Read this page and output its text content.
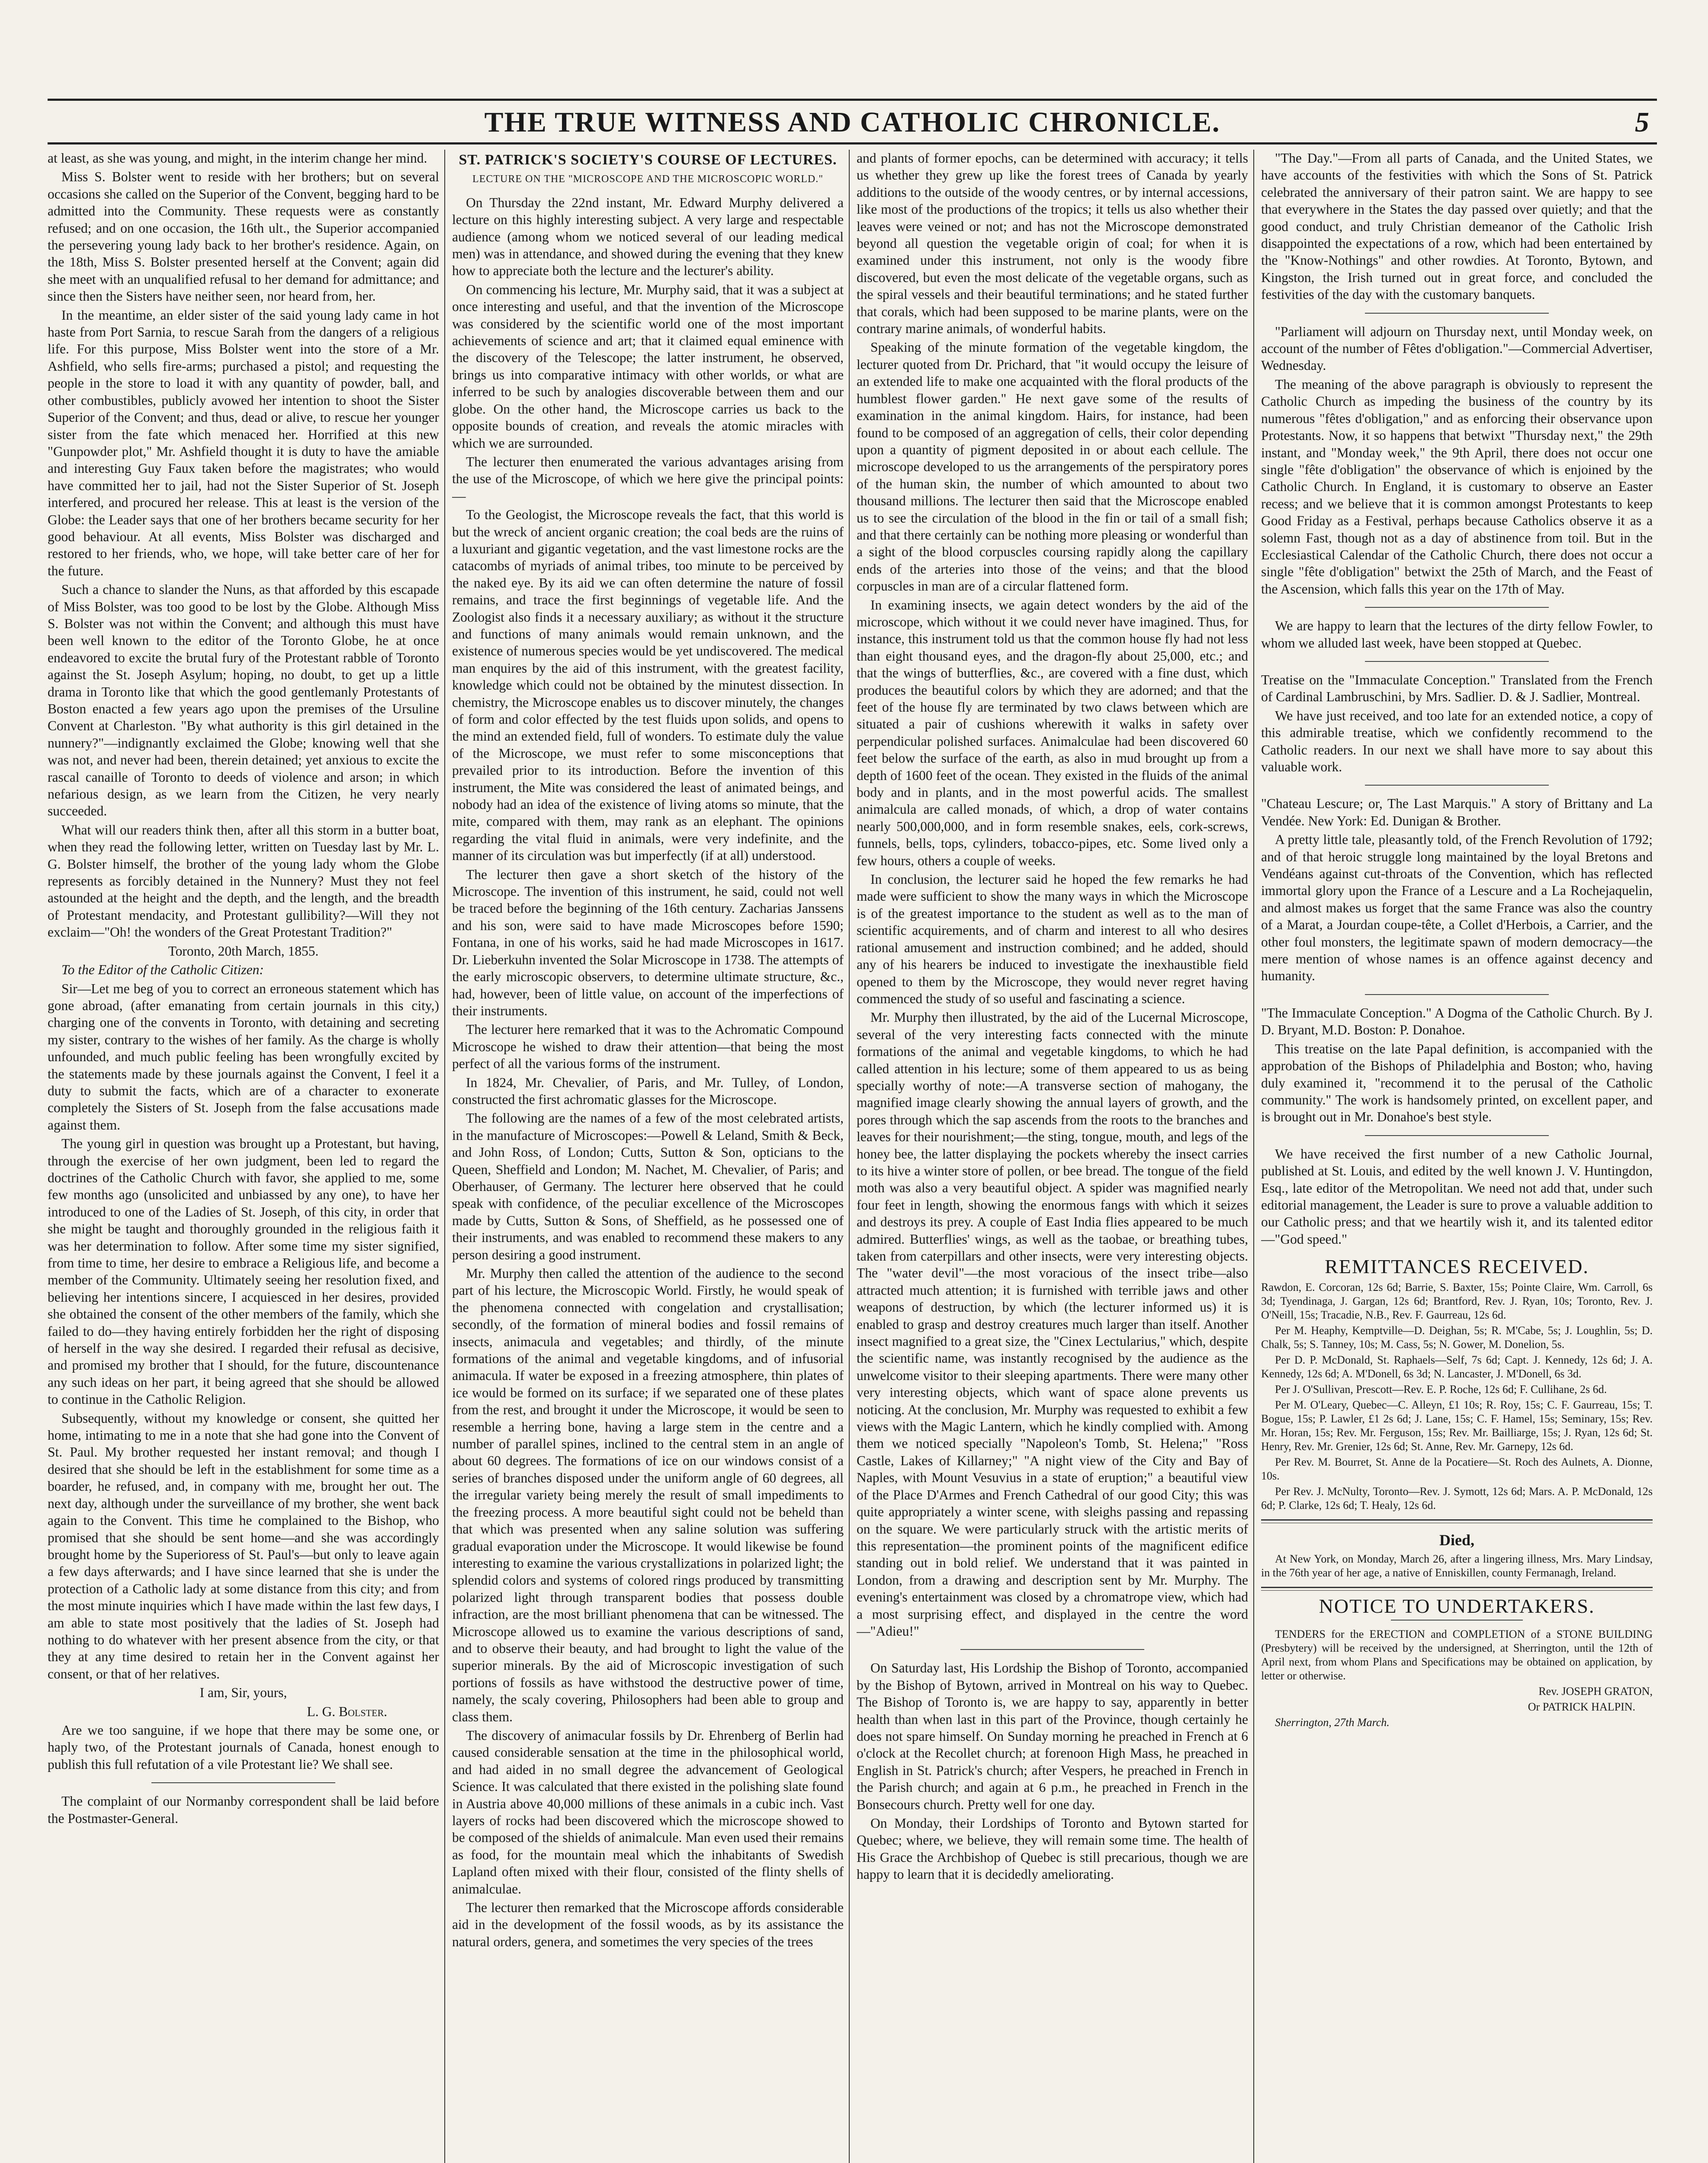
THE TRUE WITNESS AND CATHOLIC CHRONICLE.	5

at least, as she was young, and might, in the interim change her mind.

Miss S. Bolster went to reside with her brothers; but on several occasions she called on the Superior of the Convent, begging hard to be admitted into the Community. These requests were as constantly refused; and on one occasion, the 16th ult., the Superior accompanied the persevering young lady back to her brother's residence. Again, on the 18th, Miss S. Bolster presented herself at the Convent; again did she meet with an unqualified refusal to her demand for admittance; and since then the Sisters have neither seen, nor heard from, her.

In the meantime, an elder sister of the said young lady came in hot haste from Port Sarnia, to rescue Sarah from the dangers of a religious life. For this purpose, Miss Bolster went into the store of a Mr. Ashfield, who sells fire-arms; purchased a pistol; and requesting the people in the store to load it with any quantity of powder, ball, and other combustibles, publicly avowed her intention to shoot the Sister Superior of the Convent; and thus, dead or alive, to rescue her younger sister from the fate which menaced her. Horrified at this new "Gunpowder plot," Mr. Ashfield thought it is duty to have the amiable and interesting Guy Faux taken before the magistrates; who would have committed her to jail, had not the Sister Superior of St. Joseph interfered, and procured her release. This at least is the version of the Globe: the Leader says that one of her brothers became security for her good behaviour. At all events, Miss Bolster was discharged and restored to her friends, who, we hope, will take better care of her for the future.

Such a chance to slander the Nuns, as that afforded by this escapade of Miss Bolster, was too good to be lost by the Globe. Although Miss S. Bolster was not within the Convent; and although this must have been well known to the editor of the Toronto Globe, he at once endeavored to excite the brutal fury of the Protestant rabble of Toronto against the St. Joseph Asylum; hoping, no doubt, to get up a little drama in Toronto like that which the good gentlemanly Protestants of Boston enacted a few years ago upon the premises of the Ursuline Convent at Charleston. "By what authority is this girl detained in the nunnery?"—indignantly exclaimed the Globe; knowing well that she was not, and never had been, therein detained; yet anxious to excite the rascal canaille of Toronto to deeds of violence and arson; in which nefarious design, as we learn from the Citizen, he very nearly succeeded.

What will our readers think then, after all this storm in a butter boat, when they read the following letter, written on Tuesday last by Mr. L. G. Bolster himself, the brother of the young lady whom the Globe represents as forcibly detained in the Nunnery? Must they not feel astounded at the height and the depth, and the length, and the breadth of Protestant mendacity, and Protestant gullibility?—Will they not exclaim—"Oh! the wonders of the Great Protestant Tradition?"

Toronto, 20th March, 1855.

To the Editor of the Catholic Citizen:

Sir—Let me beg of you to correct an erroneous statement which has gone abroad, (after emanating from certain journals in this city,) charging one of the convents in Toronto, with detaining and secreting my sister, contrary to the wishes of her family. As the charge is wholly unfounded, and much public feeling has been wrongfully excited by the statements made by these journals against the Convent, I feel it a duty to submit the facts, which are of a character to exonerate completely the Sisters of St. Joseph from the false accusations made against them.

The young girl in question was brought up a Protestant, but having, through the exercise of her own judgment, been led to regard the doctrines of the Catholic Church with favor, she applied to me, some few months ago (unsolicited and unbiassed by any one), to have her introduced to one of the Ladies of St. Joseph, of this city, in order that she might be taught and thoroughly grounded in the religious faith it was her determination to follow. After some time my sister signified, from time to time, her desire to embrace a Religious life, and become a member of the Community. Ultimately seeing her resolution fixed, and believing her intentions sincere, I acquiesced in her desires, provided she obtained the consent of the other members of the family, which she failed to do—they having entirely forbidden her the right of disposing of herself in the way she desired. I regarded their refusal as decisive, and promised my brother that I should, for the future, discountenance any such ideas on her part, it being agreed that she should be allowed to continue in the Catholic Religion.

Subsequently, without my knowledge or consent, she quitted her home, intimating to me in a note that she had gone into the Convent of St. Paul. My brother requested her instant removal; and though I desired that she should be left in the establishment for some time as a boarder, he refused, and, in company with me, brought her out. The next day, although under the surveillance of my brother, she went back again to the Convent. This time he complained to the Bishop, who promised that she should be sent home—and she was accordingly brought home by the Superioress of St. Paul's—but only to leave again a few days afterwards; and I have since learned that she is under the protection of a Catholic lady at some distance from this city; and from the most minute inquiries which I have made within the last few days, I am able to state most positively that the ladies of St. Joseph had nothing to do whatever with her present absence from the city, or that they at any time desired to retain her in the Convent against her consent, or that of her relatives.

I am, Sir, yours,

L. G. Bolster.

Are we too sanguine, if we hope that there may be some one, or haply two, of the Protestant journals of Canada, honest enough to publish this full refutation of a vile Protestant lie? We shall see.

The complaint of our Normanby correspondent shall be laid before the Postmaster-General.

ST. PATRICK'S SOCIETY'S COURSE OF LECTURES.
LECTURE ON THE "MICROSCOPE AND THE MICROSCOPIC WORLD."

On Thursday the 22nd instant, Mr. Edward Murphy delivered a lecture on this highly interesting subject. A very large and respectable audience (among whom we noticed several of our leading medical men) was in attendance, and showed during the evening that they knew how to appreciate both the lecture and the lecturer's ability.

On commencing his lecture, Mr. Murphy said, that it was a subject at once interesting and useful, and that the invention of the Microscope was considered by the scientific world one of the most important achievements of science and art; that it claimed equal eminence with the discovery of the Telescope; the latter instrument, he observed, brings us into comparative intimacy with other worlds, or what are inferred to be such by analogies discoverable between them and our globe. On the other hand, the Microscope carries us back to the opposite bounds of creation, and reveals the atomic miracles with which we are surrounded.

The lecturer then enumerated the various advantages arising from the use of the Microscope, of which we here give the principal points:—

To the Geologist, the Microscope reveals the fact, that this world is but the wreck of ancient organic creation; the coal beds are the ruins of a luxuriant and gigantic vegetation, and the vast limestone rocks are the catacombs of myriads of animal tribes, too minute to be perceived by the naked eye. By its aid we can often determine the nature of fossil remains, and trace the first beginnings of vegetable life. And the Zoologist also finds it a necessary auxiliary; as without it the structure and functions of many animals would remain unknown, and the existence of numerous species would be yet undiscovered. The medical man enquires by the aid of this instrument, with the greatest facility, knowledge which could not be obtained by the minutest dissection. In chemistry, the Microscope enables us to discover minutely, the changes of form and color effected by the test fluids upon solids, and opens to the mind an extended field, full of wonders. To estimate duly the value of the Microscope, we must refer to some misconceptions that prevailed prior to its introduction. Before the invention of this instrument, the Mite was considered the least of animated beings, and nobody had an idea of the existence of living atoms so minute, that the mite, compared with them, may rank as an elephant. The opinions regarding the vital fluid in animals, were very indefinite, and the manner of its circulation was but imperfectly (if at all) understood.

The lecturer then gave a short sketch of the history of the Microscope. The invention of this instrument, he said, could not well be traced before the beginning of the 16th century. Zacharias Janssens and his son, were said to have made Microscopes before 1590; Fontana, in one of his works, said he had made Microscopes in 1617. Dr. Lieberkuhn invented the Solar Microscope in 1738. The attempts of the early microscopic observers, to determine ultimate structure, &c., had, however, been of little value, on account of the imperfections of their instruments.

The lecturer here remarked that it was to the Achromatic Compound Microscope he wished to draw their attention—that being the most perfect of all the various forms of the instrument.

In 1824, Mr. Chevalier, of Paris, and Mr. Tulley, of London, constructed the first achromatic glasses for the Microscope.

The following are the names of a few of the most celebrated artists, in the manufacture of Microscopes:—Powell & Leland, Smith & Beck, and John Ross, of London; Cutts, Sutton & Son, opticians to the Queen, Sheffield and London; M. Nachet, M. Chevalier, of Paris; and Oberhauser, of Germany. The lecturer here observed that he could speak with confidence, of the peculiar excellence of the Microscopes made by Cutts, Sutton & Sons, of Sheffield, as he possessed one of their instruments, and was enabled to recommend these makers to any person desiring a good instrument.

Mr. Murphy then called the attention of the audience to the second part of his lecture, the Microscopic World. Firstly, he would speak of the phenomena connected with congelation and crystallisation; secondly, of the formation of mineral bodies and fossil remains of insects, animacula and vegetables; and thirdly, of the minute formations of the animal and vegetable kingdoms, and of infusorial animacula. If water be exposed in a freezing atmosphere, thin plates of ice would be formed on its surface; if we separated one of these plates from the rest, and brought it under the Microscope, it would be seen to resemble a herring bone, having a large stem in the centre and a number of parallel spines, inclined to the central stem in an angle of about 60 degrees. The formations of ice on our windows consist of a series of branches disposed under the uniform angle of 60 degrees, all the irregular variety being merely the result of small impediments to the freezing process. A more beautiful sight could not be beheld than that which was presented when any saline solution was suffering gradual evaporation under the Microscope. It would likewise be found interesting to examine the various crystallizations in polarized light; the splendid colors and systems of colored rings produced by transmitting polarized light through transparent bodies that possess double infraction, are the most brilliant phenomena that can be witnessed. The Microscope allowed us to examine the various descriptions of sand, and to observe their beauty, and had brought to light the value of the superior minerals. By the aid of Microscopic investigation of such portions of fossils as have withstood the destructive power of time, namely, the scaly covering, Philosophers had been able to group and class them.

The discovery of animacular fossils by Dr. Ehrenberg of Berlin had caused considerable sensation at the time in the philosophical world, and had aided in no small degree the advancement of Geological Science. It was calculated that there existed in the polishing slate found in Austria above 40,000 millions of these animals in a cubic inch. Vast layers of rocks had been discovered which the microscope showed to be composed of the shields of animalcule. Man even used their remains as food, for the mountain meal which the inhabitants of Swedish Lapland often mixed with their flour, consisted of the flinty shells of animalculae.

The lecturer then remarked that the Microscope affords considerable aid in the development of the fossil woods, as by its assistance the natural orders, genera, and sometimes the very species of the trees

and plants of former epochs, can be determined with accuracy; it tells us whether they grew up like the forest trees of Canada by yearly additions to the outside of the woody centres, or by internal accessions, like most of the productions of the tropics; it tells us also whether their leaves were veined or not; and has not the Microscope demonstrated beyond all question the vegetable origin of coal; for when it is examined under this instrument, not only is the woody fibre discovered, but even the most delicate of the vegetable organs, such as the spiral vessels and their beautiful terminations; and he stated further that corals, which had been supposed to be marine plants, were on the contrary marine animals, of wonderful habits.

Speaking of the minute formation of the vegetable kingdom, the lecturer quoted from Dr. Prichard, that "it would occupy the leisure of an extended life to make one acquainted with the floral products of the humblest flower garden." He next gave some of the results of examination in the animal kingdom. Hairs, for instance, had been found to be composed of an aggregation of cells, their color depending upon a quantity of pigment deposited in or about each cellule. The microscope developed to us the arrangements of the perspiratory pores of the human skin, the number of which amounted to about two thousand millions. The lecturer then said that the Microscope enabled us to see the circulation of the blood in the fin or tail of a small fish; and that there certainly can be nothing more pleasing or wonderful than a sight of the blood corpuscles coursing rapidly along the capillary ends of the arteries into those of the veins; and that the blood corpuscles in man are of a circular flattened form.

In examining insects, we again detect wonders by the aid of the microscope, which without it we could never have imagined. Thus, for instance, this instrument told us that the common house fly had not less than eight thousand eyes, and the dragon-fly about 25,000, etc.; and that the wings of butterflies, &c., are covered with a fine dust, which produces the beautiful colors by which they are adorned; and that the feet of the house fly are terminated by two claws between which are situated a pair of cushions wherewith it walks in safety over perpendicular polished surfaces. Animalculae had been discovered 60 feet below the surface of the earth, as also in mud brought up from a depth of 1600 feet of the ocean. They existed in the fluids of the animal body and in plants, and in the most powerful acids. The smallest animalcula are called monads, of which, a drop of water contains nearly 500,000,000, and in form resemble snakes, eels, cork-screws, funnels, bells, tops, cylinders, tobacco-pipes, etc. Some lived only a few hours, others a couple of weeks.

In conclusion, the lecturer said he hoped the few remarks he had made were sufficient to show the many ways in which the Microscope is of the greatest importance to the student as well as to the man of scientific acquirements, and of charm and interest to all who desires rational amusement and instruction combined; and he added, should any of his hearers be induced to investigate the inexhaustible field opened to them by the Microscope, they would never regret having commenced the study of so useful and fascinating a science.

Mr. Murphy then illustrated, by the aid of the Lucernal Microscope, several of the very interesting facts connected with the minute formations of the animal and vegetable kingdoms, to which he had called attention in his lecture; some of them appeared to us as being specially worthy of note:—A transverse section of mahogany, the magnified image clearly showing the annual layers of growth, and the pores through which the sap ascends from the roots to the branches and leaves for their nourishment;—the sting, tongue, mouth, and legs of the honey bee, the latter displaying the pockets whereby the insect carries to its hive a winter store of pollen, or bee bread. The tongue of the field moth was also a very beautiful object. A spider was magnified nearly four feet in length, showing the enormous fangs with which it seizes and destroys its prey. A couple of East India flies appeared to be much admired. Butterflies' wings, as well as the taobae, or breathing tubes, taken from caterpillars and other insects, were very interesting objects. The "water devil"—the most voracious of the insect tribe—also attracted much attention; it is furnished with terrible jaws and other weapons of destruction, by which (the lecturer informed us) it is enabled to grasp and destroy creatures much larger than itself. Another insect magnified to a great size, the "Cinex Lectularius," which, despite the scientific name, was instantly recognised by the audience as the unwelcome visitor to their sleeping apartments. There were many other very interesting objects, which want of space alone prevents us noticing. At the conclusion, Mr. Murphy was requested to exhibit a few views with the Magic Lantern, which he kindly complied with. Among them we noticed specially "Napoleon's Tomb, St. Helena;" "Ross Castle, Lakes of Killarney;" "A night view of the City and Bay of Naples, with Mount Vesuvius in a state of eruption;" a beautiful view of the Place D'Armes and French Cathedral of our good City; this was quite appropriately a winter scene, with sleighs passing and repassing on the square. We were particularly struck with the artistic merits of this representation—the prominent points of the magnificent edifice standing out in bold relief. We understand that it was painted in London, from a drawing and description sent by Mr. Murphy. The evening's entertainment was closed by a chromatrope view, which had a most surprising effect, and displayed in the centre the word—"Adieu!"

On Saturday last, His Lordship the Bishop of Toronto, accompanied by the Bishop of Bytown, arrived in Montreal on his way to Quebec. The Bishop of Toronto is, we are happy to say, apparently in better health than when last in this part of the Province, though certainly he does not spare himself. On Sunday morning he preached in French at 6 o'clock at the Recollet church; at forenoon High Mass, he preached in English in St. Patrick's church; after Vespers, he preached in French in the Parish church; and again at 6 p.m., he preached in French in the Bonsecours church. Pretty well for one day.

On Monday, their Lordships of Toronto and Bytown started for Quebec; where, we believe, they will remain some time. The health of His Grace the Archbishop of Quebec is still precarious, though we are happy to learn that it is decidedly ameliorating.

"The Day."—From all parts of Canada, and the United States, we have accounts of the festivities with which the Sons of St. Patrick celebrated the anniversary of their patron saint. We are happy to see that everywhere in the States the day passed over quietly; and that the good conduct, and truly Christian demeanor of the Catholic Irish disappointed the expectations of a row, which had been entertained by the "Know-Nothings" and other rowdies. At Toronto, Bytown, and Kingston, the Irish turned out in great force, and concluded the festivities of the day with the customary banquets.

"Parliament will adjourn on Thursday next, until Monday week, on account of the number of Fêtes d'obligation."—Commercial Advertiser, Wednesday.

The meaning of the above paragraph is obviously to represent the Catholic Church as impeding the business of the country by its numerous "fêtes d'obligation," and as enforcing their observance upon Protestants. Now, it so happens that betwixt "Thursday next," the 29th instant, and "Monday week," the 9th April, there does not occur one single "fête d'obligation" the observance of which is enjoined by the Catholic Church. In England, it is customary to observe an Easter recess; and we believe that it is common amongst Protestants to keep Good Friday as a Festival, perhaps because Catholics observe it as a solemn Fast, though not as a day of abstinence from toil. But in the Ecclesiastical Calendar of the Catholic Church, there does not occur a single "fête d'obligation" betwixt the 25th of March, and the Feast of the Ascension, which falls this year on the 17th of May.

We are happy to learn that the lectures of the dirty fellow Fowler, to whom we alluded last week, have been stopped at Quebec.

Treatise on the "Immaculate Conception." Translated from the French of Cardinal Lambruschini, by Mrs. Sadlier. D. & J. Sadlier, Montreal.

We have just received, and too late for an extended notice, a copy of this admirable treatise, which we confidently recommend to the Catholic readers. In our next we shall have more to say about this valuable work.

"Chateau Lescure; or, The Last Marquis." A story of Brittany and La Vendée. New York: Ed. Dunigan & Brother.

A pretty little tale, pleasantly told, of the French Revolution of 1792; and of that heroic struggle long maintained by the loyal Bretons and Vendéans against cut-throats of the Convention, which has reflected immortal glory upon the France of a Lescure and a La Rochejaquelin, and almost makes us forget that the same France was also the country of a Marat, a Jourdan coupe-tête, a Collet d'Herbois, a Carrier, and the other foul monsters, the legitimate spawn of modern democracy—the mere mention of whose names is an offence against decency and humanity.

"The Immaculate Conception." A Dogma of the Catholic Church. By J. D. Bryant, M.D. Boston: P. Donahoe.

This treatise on the late Papal definition, is accompanied with the approbation of the Bishops of Philadelphia and Boston; who, having duly examined it, "recommend it to the perusal of the Catholic community." The work is handsomely printed, on excellent paper, and is brought out in Mr. Donahoe's best style.

We have received the first number of a new Catholic Journal, published at St. Louis, and edited by the well known J. V. Huntingdon, Esq., late editor of the Metropolitan. We need not add that, under such editorial management, the Leader is sure to prove a valuable addition to our Catholic press; and that we heartily wish it, and its talented editor—"God speed."

REMITTANCES RECEIVED.

Rawdon, E. Corcoran, 12s 6d; Barrie, S. Baxter, 15s; Pointe Claire, Wm. Carroll, 6s 3d; Tyendinaga, J. Gargan, 12s 6d; Brantford, Rev. J. Ryan, 10s; Toronto, Rev. J. O'Neill, 15s; Tracadie, N.B., Rev. F. Gaurreau, 12s 6d.

Per M. Heaphy, Kemptville—D. Deighan, 5s; R. M'Cabe, 5s; J. Loughlin, 5s; D. Chalk, 5s; S. Tanney, 10s; M. Cass, 5s; N. Gower, M. Donelion, 5s.

Per D. P. McDonald, St. Raphaels—Self, 7s 6d; Capt. J. Kennedy, 12s 6d; J. A. Kennedy, 12s 6d; A. M'Donell, 6s 3d; N. Lancaster, J. M'Donell, 6s 3d.

Per J. O'Sullivan, Prescott—Rev. E. P. Roche, 12s 6d; F. Cullihane, 2s 6d.

Per M. O'Leary, Quebec—C. Alleyn, £1 10s; R. Roy, 15s; C. F. Gaurreau, 15s; T. Bogue, 15s; P. Lawler, £1 2s 6d; J. Lane, 15s; C. F. Hamel, 15s; Seminary, 15s; Rev. Mr. Horan, 15s; Rev. Mr. Ferguson, 15s; Rev. Mr. Bailliarge, 15s; J. Ryan, 12s 6d; St. Henry, Rev. Mr. Grenier, 12s 6d; St. Anne, Rev. Mr. Garnepy, 12s 6d.

Per Rev. M. Bourret, St. Anne de la Pocatiere—St. Roch des Aulnets, A. Dionne, 10s.

Per Rev. J. McNulty, Toronto—Rev. J. Symott, 12s 6d; Mars. A. P. McDonald, 12s 6d; P. Clarke, 12s 6d; T. Healy, 12s 6d.

Died,

At New York, on Monday, March 26, after a lingering illness, Mrs. Mary Lindsay, in the 76th year of her age, a native of Enniskillen, county Fermanagh, Ireland.

NOTICE TO UNDERTAKERS.

TENDERS for the ERECTION and COMPLETION of a STONE BUILDING (Presbytery) will be received by the undersigned, at Sherrington, until the 12th of April next, from whom Plans and Specifications may be obtained on application, by letter or otherwise.

Rev. JOSEPH GRATON,

Or PATRICK HALPIN.

Sherrington, 27th March.
